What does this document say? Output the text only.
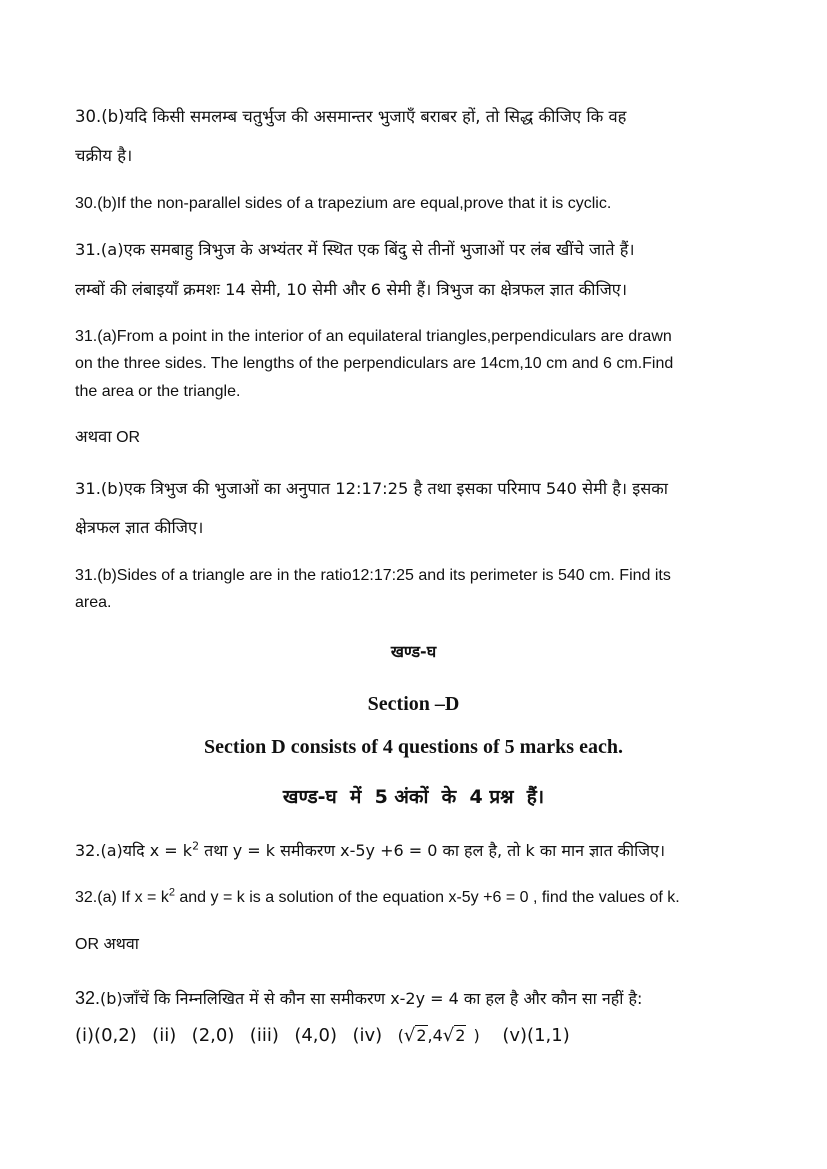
30.(b)यदि किसी समलम्ब चतुर्भुज की असमान्तर भुजाएँ बराबर हों, तो सिद्ध कीजिए कि वह
चक्रीय है।
30.(b)If the non-parallel sides of a trapezium are equal,prove that it is cyclic.
31.(a)एक समबाहु त्रिभुज के अभ्यंतर में स्थित एक बिंदु से तीनों भुजाओं पर लंब खींचे जाते हैं।
लम्बों की लंबाइयाँ क्रमशः 14 सेमी, 10 सेमी और 6 सेमी हैं। त्रिभुज का क्षेत्रफल ज्ञात कीजिए।
31.(a)From a point in the interior of an equilateral triangles,perpendiculars are drawn
on the three sides. The lengths of the perpendiculars are 14cm,10 cm and 6 cm.Find
the area or the triangle.
अथवा OR
31.(b)एक त्रिभुज की भुजाओं का अनुपात 12:17:25 है तथा इसका परिमाप 540 सेमी है। इसका
क्षेत्रफल ज्ञात कीजिए।
31.(b)Sides of a triangle are in the ratio12:17:25 and its perimeter is 540 cm. Find its
area.
खण्ड-घ
Section –D
Section D consists of 4 questions of 5 marks each.
खण्ड-घ  में  5 अंकों  के  4 प्रश्न  हैं।
32.(a)यदि $x = k^2$ तथा y = k समीकरण x-5y +6 = 0 का हल है, तो k का मान ज्ञात कीजिए।
32.(a) If $x = k^2$ and y = k is a solution of the equation x-5y +6 = 0 , find the values of k.
OR अथवा
32.(b)जाँचें कि निम्नलिखित में से कौन सा समीकरण x-2y = 4 का हल है और कौन सा नहीं है:
(i)(0,2) (ii) (2,0) (iii) (4,0) (iv) (√2,4√2 ) (v)(1,1)
